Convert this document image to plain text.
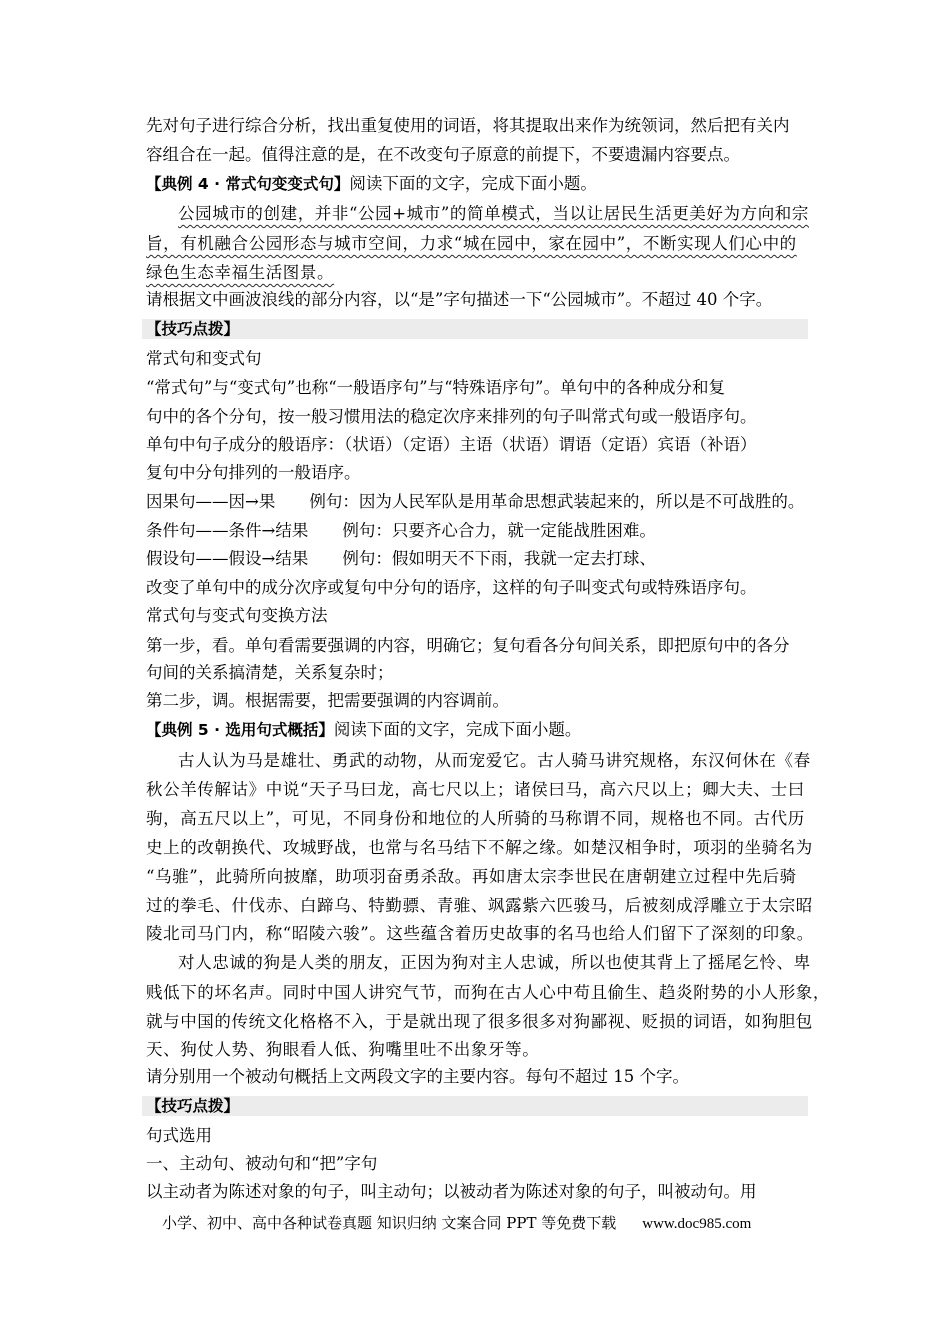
先对句子进行综合分析，找出重复使用的词语，将其提取出来作为统领词，然后把有关内
容组合在一起。值得注意的是，在不改变句子原意的前提下，不要遗漏内容要点。
【典例 4 · 常式句变变式句】阅读下面的文字，完成下面小题。
公园城市的创建，并非“公园+城市”的简单模式，当以让居民生活更美好为方向和宗
旨，有机融合公园形态与城市空间，力求“城在园中，家在园中”，不断实现人们心中的
绿色生态幸福生活图景。
请根据文中画波浪线的部分内容，以“是”字句描述一下“公园城市”。不超过 40 个字。
【技巧点拨】
常式句和变式句
“常式句”与“变式句”也称“一般语序句”与“特殊语序句”。单句中的各种成分和复
句中的各个分句，按一般习惯用法的稳定次序来排列的句子叫常式句或一般语序句。
单句中句子成分的般语序：（状语）（定语）主语（状语）谓语（定语）宾语（补语）
复句中分句排列的一般语序。
因果句——因→果 例句：因为人民军队是用革命思想武装起来的，所以是不可战胜的。
条件句——条件→结果 例句：只要齐心合力，就一定能战胜困难。
假设句——假设→结果 例句：假如明天不下雨，我就一定去打球、
改变了单句中的成分次序或复句中分句的语序，这样的句子叫变式句或特殊语序句。
常式句与变式句变换方法
第一步，看。单句看需要强调的内容，明确它；复句看各分句间关系，即把原句中的各分
句间的关系搞清楚，关系复杂时；
第二步，调。根据需要，把需要强调的内容调前。
【典例 5 · 选用句式概括】阅读下面的文字，完成下面小题。
古人认为马是雄壮、勇武的动物，从而宠爱它。古人骑马讲究规格，东汉何休在《春
秋公羊传解诂》中说“天子马曰龙，高七尺以上；诸侯曰马，高六尺以上；卿大夫、士曰
驹，高五尺以上”，可见，不同身份和地位的人所骑的马称谓不同，规格也不同。古代历
史上的改朝换代、攻城野战，也常与名马结下不解之缘。如楚汉相争时，项羽的坐骑名为
“乌骓”，此骑所向披靡，助项羽奋勇杀敌。再如唐太宗李世民在唐朝建立过程中先后骑
过的拳毛、什伐赤、白蹄乌、特勤骠、青骓、飒露紫六匹骏马，后被刻成浮雕立于太宗昭
陵北司马门内，称“昭陵六骏”。这些蕴含着历史故事的名马也给人们留下了深刻的印象。
对人忠诚的狗是人类的朋友，正因为狗对主人忠诚，所以也使其背上了摇尾乞怜、卑
贱低下的坏名声。同时中国人讲究气节，而狗在古人心中苟且偷生、趋炎附势的小人形象，
就与中国的传统文化格格不入，于是就出现了很多很多对狗鄙视、贬损的词语，如狗胆包
天、狗仗人势、狗眼看人低、狗嘴里吐不出象牙等。
请分别用一个被动句概括上文两段文字的主要内容。每句不超过 15 个字。
【技巧点拨】
句式选用
一、主动句、被动句和“把”字句
以主动者为陈述对象的句子，叫主动句；以被动者为陈述对象的句子，叫被动句。用
小学、初中、高中各种试卷真题 知识归纳 文案合同 PPT 等免费下载 www.doc985.com
